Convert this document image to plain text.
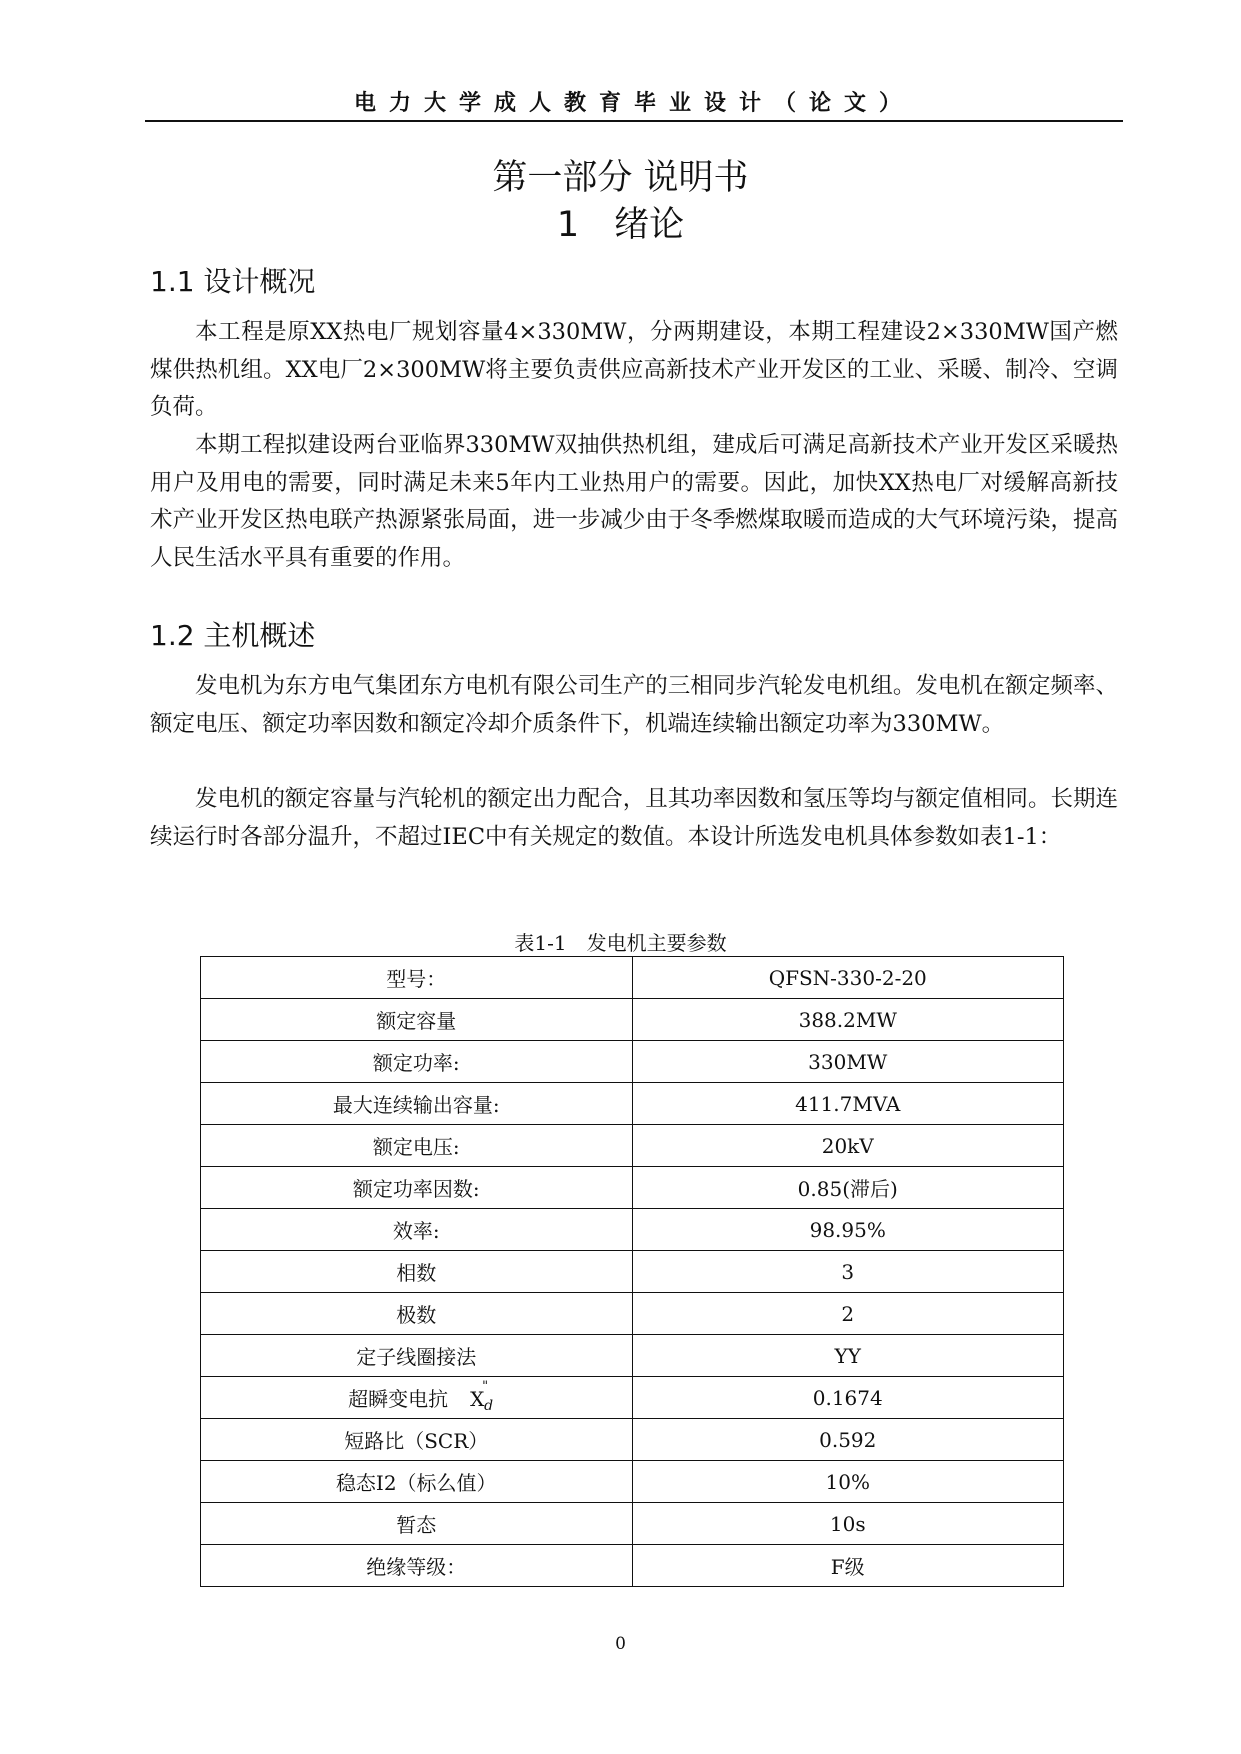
电力大学成人教育毕业设计（论文）
第一部分 说明书
1　绪论
1.1 设计概况

本工程是原XX热电厂规划容量4×330MW，分两期建设，本期工程建设2×330MW国产燃煤供热机组。XX电厂2×300MW将主要负责供应高新技术产业开发区的工业、采暖、制冷、空调负荷。

本期工程拟建设两台亚临界330MW双抽供热机组，建成后可满足高新技术产业开发区采暖热用户及用电的需要，同时满足未来5年内工业热用户的需要。因此，加快XX热电厂对缓解高新技术产业开发区热电联产热源紧张局面，进一步减少由于冬季燃煤取暖而造成的大气环境污染，提高人民生活水平具有重要的作用。

1.2 主机概述

发电机为东方电气集团东方电机有限公司生产的三相同步汽轮发电机组。发电机在额定频率、额定电压、额定功率因数和额定冷却介质条件下，机端连续输出额定功率为330MW。

发电机的额定容量与汽轮机的额定出力配合，且其功率因数和氢压等均与额定值相同。长期连续运行时各部分温升，不超过IEC中有关规定的数值。本设计所选发电机具体参数如表1-1：

表1-1　发电机主要参数
型号：	QFSN-330-2-20
额定容量	388.2MW
额定功率:	330MW
最大连续输出容量:	411.7MVA
额定电压:	20kV
额定功率因数:	0.85(滞后)
效率:	98.95%
相数	3
极数	2
定子线圈接法	YY
超瞬变电抗 X
"
d	0.1674
短路比（SCR）	0.592
稳态I2（标么值）	10%
暂态	10s
绝缘等级：	F级
0
